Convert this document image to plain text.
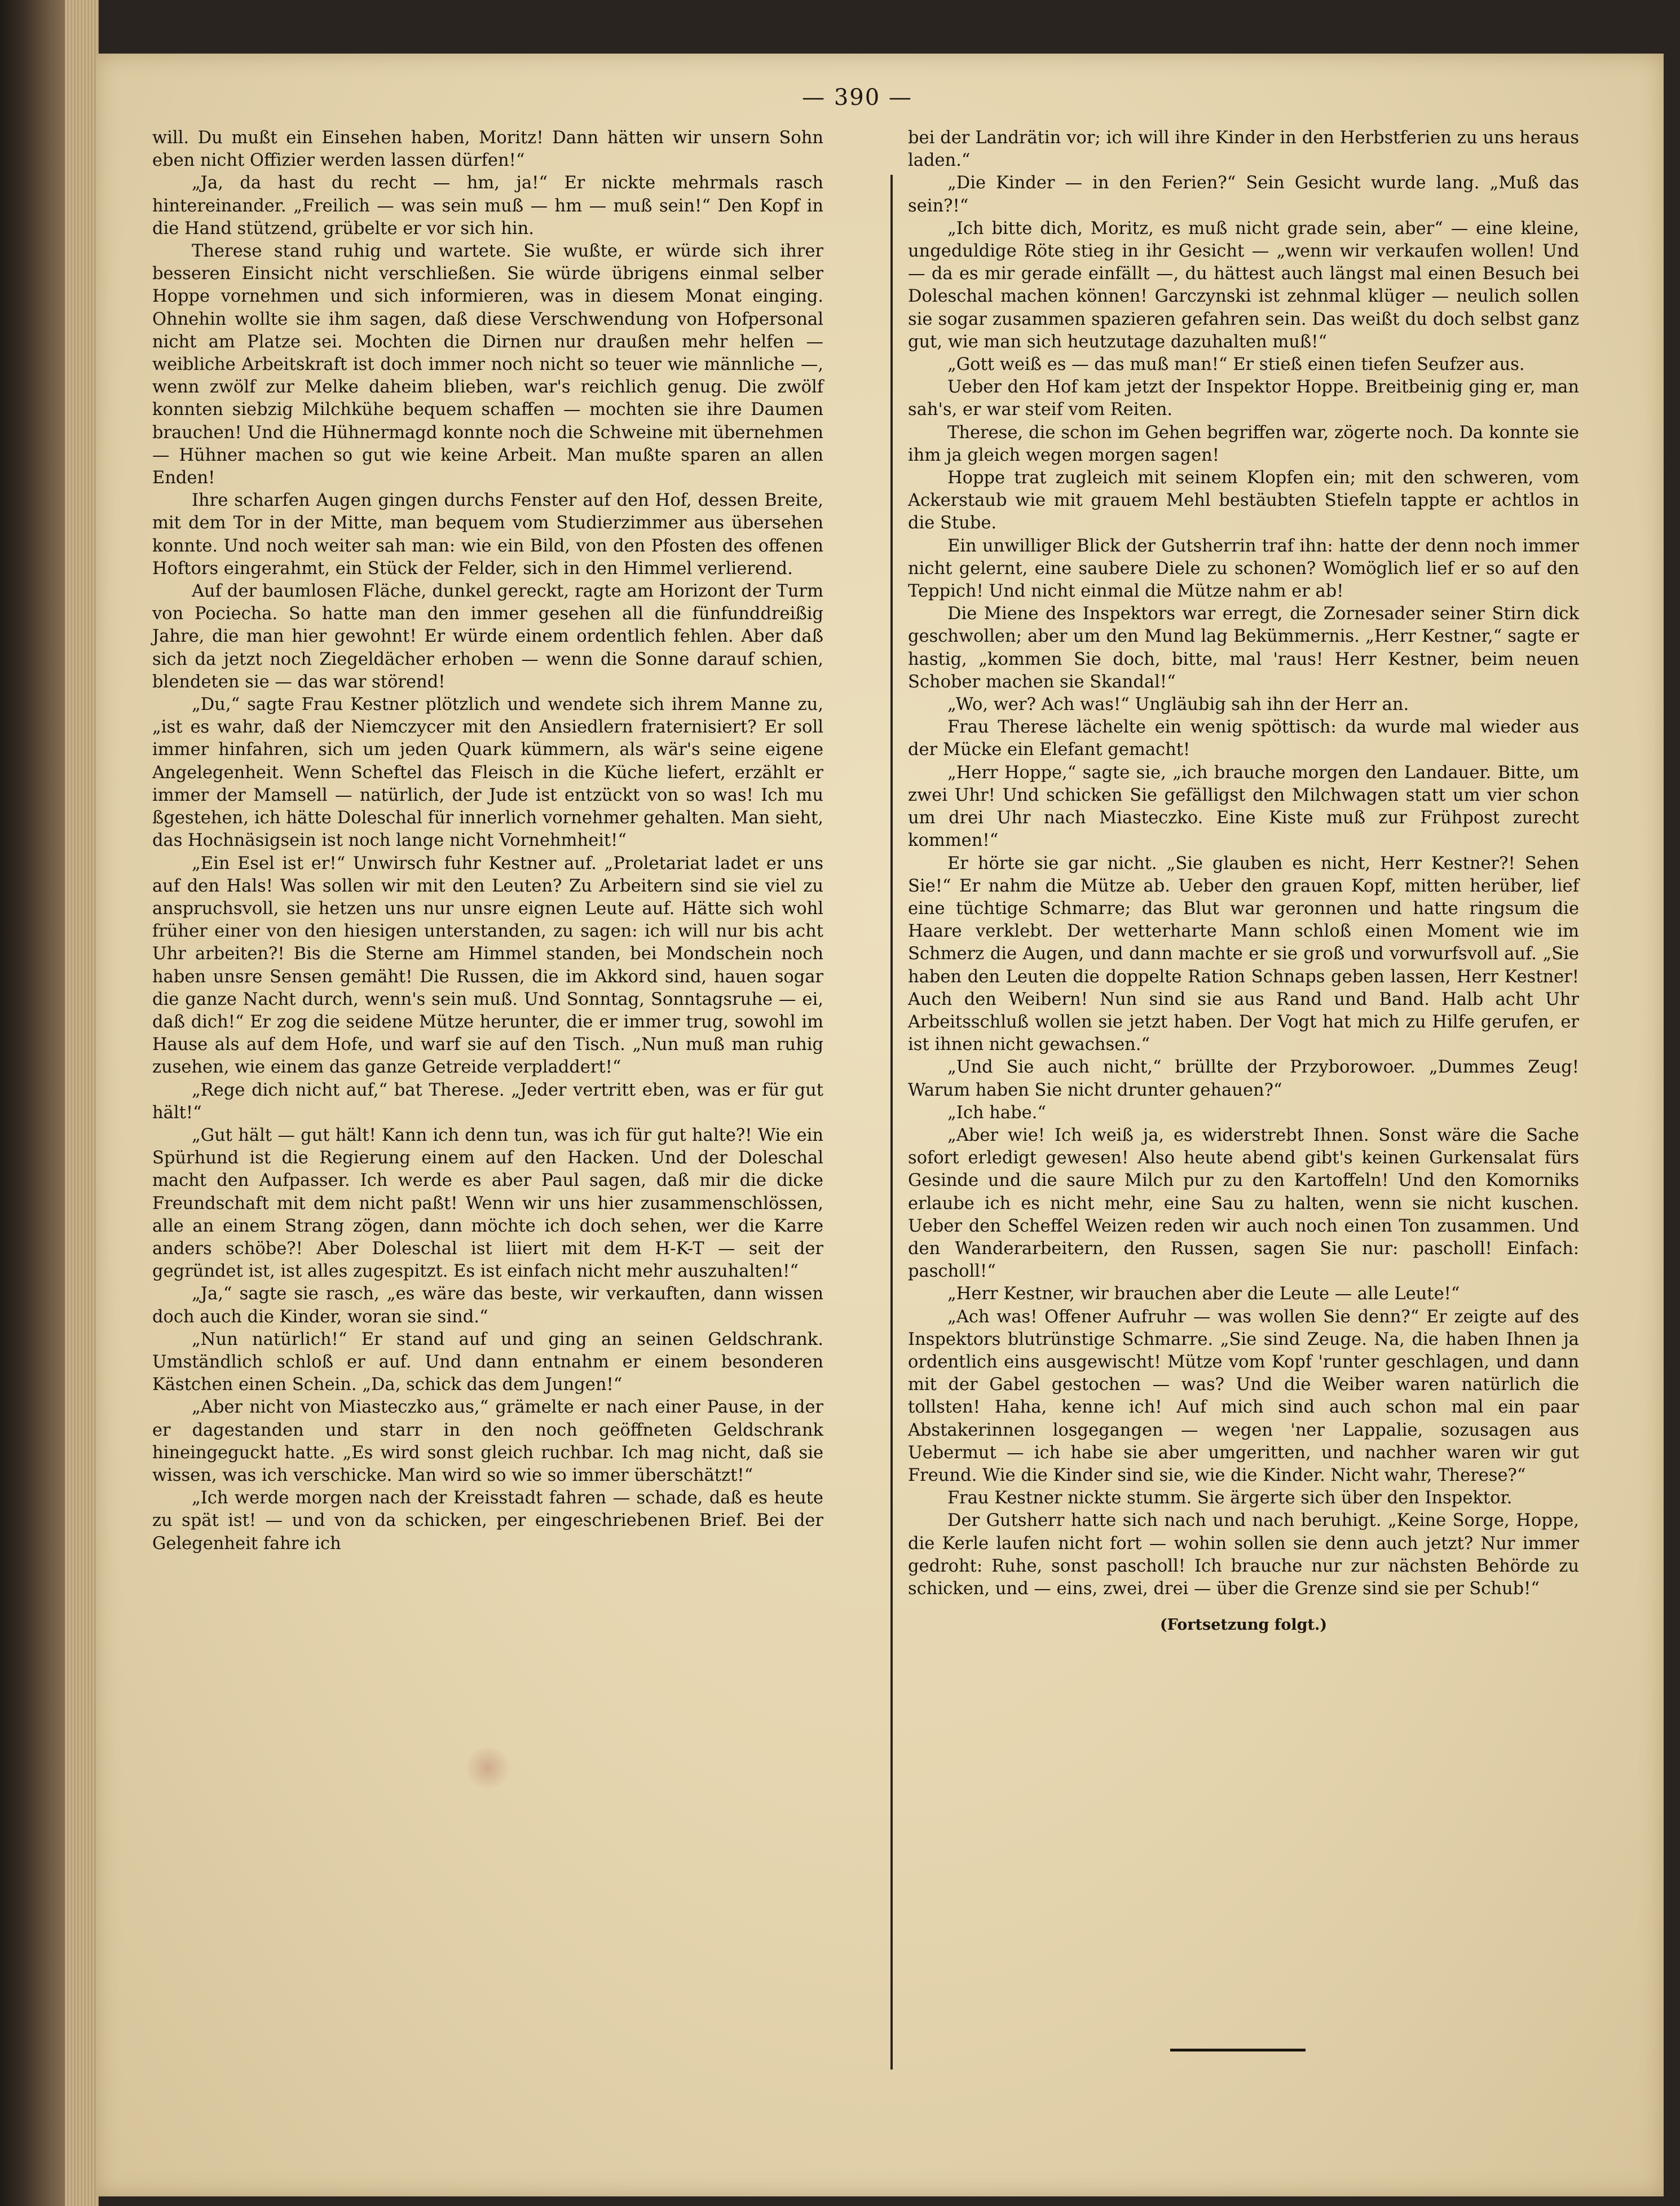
— 390 —

will. Du mußt ein Einsehen haben, Moritz! Dann hätten wir unsern Sohn eben nicht Offizier werden lassen dürfen!“

„Ja, da hast du recht — hm, ja!“ Er nickte mehrmals rasch hintereinander. „Freilich — was sein muß — hm — muß sein!“ Den Kopf in die Hand stützend, grübelte er vor sich hin.

Therese stand ruhig und wartete. Sie wußte, er würde sich ihrer besseren Einsicht nicht verschließen. Sie würde übrigens einmal selber Hoppe vornehmen und sich informieren, was in diesem Monat einging. Ohnehin wollte sie ihm sagen, daß diese Verschwendung von Hofpersonal nicht am Platze sei. Mochten die Dirnen nur draußen mehr helfen — weibliche Arbeitskraft ist doch immer noch nicht so teuer wie männliche —, wenn zwölf zur Melke daheim blieben, war's reichlich genug. Die zwölf konnten siebzig Milchkühe bequem schaffen — mochten sie ihre Daumen brauchen! Und die Hühnermagd konnte noch die Schweine mit übernehmen — Hühner machen so gut wie keine Arbeit. Man mußte sparen an allen Enden!

Ihre scharfen Augen gingen durchs Fenster auf den Hof, dessen Breite, mit dem Tor in der Mitte, man bequem vom Studierzimmer aus übersehen konnte. Und noch weiter sah man: wie ein Bild, von den Pfosten des offenen Hoftors eingerahmt, ein Stück der Felder, sich in den Himmel verlierend.

Auf der baumlosen Fläche, dunkel gereckt, ragte am Horizont der Turm von Pociecha. So hatte man den immer gesehen all die fünfunddreißig Jahre, die man hier gewohnt! Er würde einem ordentlich fehlen. Aber daß sich da jetzt noch Ziegeldächer erhoben — wenn die Sonne darauf schien, blendeten sie — das war störend!

„Du,“ sagte Frau Kestner plötzlich und wendete sich ihrem Manne zu, „ist es wahr, daß der Niemczycer mit den Ansiedlern fraternisiert? Er soll immer hinfahren, sich um jeden Quark kümmern, als wär's seine eigene Angelegenheit. Wenn Scheftel das Fleisch in die Küche liefert, erzählt er immer der Mamsell — natürlich, der Jude ist entzückt von so was! Ich mu ßgestehen, ich hätte Doleschal für innerlich vornehmer gehalten. Man sieht, das Hochnäsigsein ist noch lange nicht Vornehmheit!“

„Ein Esel ist er!“ Unwirsch fuhr Kestner auf. „Proletariat ladet er uns auf den Hals! Was sollen wir mit den Leuten? Zu Arbeitern sind sie viel zu anspruchsvoll, sie hetzen uns nur unsre eignen Leute auf. Hätte sich wohl früher einer von den hiesigen unterstanden, zu sagen: ich will nur bis acht Uhr arbeiten?! Bis die Sterne am Himmel standen, bei Mondschein noch haben unsre Sensen gemäht! Die Russen, die im Akkord sind, hauen sogar die ganze Nacht durch, wenn's sein muß. Und Sonntag, Sonntagsruhe — ei, daß dich!“ Er zog die seidene Mütze herunter, die er immer trug, sowohl im Hause als auf dem Hofe, und warf sie auf den Tisch. „Nun muß man ruhig zusehen, wie einem das ganze Getreide verpladdert!“

„Rege dich nicht auf,“ bat Therese. „Jeder vertritt eben, was er für gut hält!“

„Gut hält — gut hält! Kann ich denn tun, was ich für gut halte?! Wie ein Spürhund ist die Regierung einem auf den Hacken. Und der Doleschal macht den Aufpasser. Ich werde es aber Paul sagen, daß mir die dicke Freundschaft mit dem nicht paßt! Wenn wir uns hier zusammenschlössen, alle an einem Strang zögen, dann möchte ich doch sehen, wer die Karre anders schöbe?! Aber Doleschal ist liiert mit dem H-K-T — seit der gegründet ist, ist alles zugespitzt. Es ist einfach nicht mehr auszuhalten!“

„Ja,“ sagte sie rasch, „es wäre das beste, wir verkauften, dann wissen doch auch die Kinder, woran sie sind.“

„Nun natürlich!“ Er stand auf und ging an seinen Geldschrank. Umständlich schloß er auf. Und dann entnahm er einem besonderen Kästchen einen Schein. „Da, schick das dem Jungen!“

„Aber nicht von Miasteczko aus,“ grämelte er nach einer Pause, in der er dagestanden und starr in den noch geöffneten Geldschrank hineingeguckt hatte. „Es wird sonst gleich ruchbar. Ich mag nicht, daß sie wissen, was ich verschicke. Man wird so wie so immer überschätzt!“

„Ich werde morgen nach der Kreisstadt fahren — schade, daß es heute zu spät ist! — und von da schicken, per eingeschriebenen Brief. Bei der Gelegenheit fahre ich

bei der Landrätin vor; ich will ihre Kinder in den Herbstferien zu uns heraus laden.“

„Die Kinder — in den Ferien?“ Sein Gesicht wurde lang. „Muß das sein?!“

„Ich bitte dich, Moritz, es muß nicht grade sein, aber“ — eine kleine, ungeduldige Röte stieg in ihr Gesicht — „wenn wir verkaufen wollen! Und — da es mir gerade einfällt —, du hättest auch längst mal einen Besuch bei Doleschal machen können! Garczynski ist zehnmal klüger — neulich sollen sie sogar zusammen spazieren gefahren sein. Das weißt du doch selbst ganz gut, wie man sich heutzutage dazuhalten muß!“

„Gott weiß es — das muß man!“ Er stieß einen tiefen Seufzer aus.

Ueber den Hof kam jetzt der Inspektor Hoppe. Breitbeinig ging er, man sah's, er war steif vom Reiten.

Therese, die schon im Gehen begriffen war, zögerte noch. Da konnte sie ihm ja gleich wegen morgen sagen!

Hoppe trat zugleich mit seinem Klopfen ein; mit den schweren, vom Ackerstaub wie mit grauem Mehl bestäubten Stiefeln tappte er achtlos in die Stube.

Ein unwilliger Blick der Gutsherrin traf ihn: hatte der denn noch immer nicht gelernt, eine saubere Diele zu schonen? Womöglich lief er so auf den Teppich! Und nicht einmal die Mütze nahm er ab!

Die Miene des Inspektors war erregt, die Zornesader seiner Stirn dick geschwollen; aber um den Mund lag Bekümmernis. „Herr Kestner,“ sagte er hastig, „kommen Sie doch, bitte, mal 'raus! Herr Kestner, beim neuen Schober machen sie Skandal!“

„Wo, wer? Ach was!“ Ungläubig sah ihn der Herr an.

Frau Therese lächelte ein wenig spöttisch: da wurde mal wieder aus der Mücke ein Elefant gemacht!

„Herr Hoppe,“ sagte sie, „ich brauche morgen den Landauer. Bitte, um zwei Uhr! Und schicken Sie gefälligst den Milchwagen statt um vier schon um drei Uhr nach Miasteczko. Eine Kiste muß zur Frühpost zurecht kommen!“

Er hörte sie gar nicht. „Sie glauben es nicht, Herr Kestner?! Sehen Sie!“ Er nahm die Mütze ab. Ueber den grauen Kopf, mitten herüber, lief eine tüchtige Schmarre; das Blut war geronnen und hatte ringsum die Haare verklebt. Der wetterharte Mann schloß einen Moment wie im Schmerz die Augen, und dann machte er sie groß und vorwurfsvoll auf. „Sie haben den Leuten die doppelte Ration Schnaps geben lassen, Herr Kestner! Auch den Weibern! Nun sind sie aus Rand und Band. Halb acht Uhr Arbeitsschluß wollen sie jetzt haben. Der Vogt hat mich zu Hilfe gerufen, er ist ihnen nicht gewachsen.“

„Und Sie auch nicht,“ brüllte der Przyborowoer. „Dummes Zeug! Warum haben Sie nicht drunter gehauen?“

„Ich habe.“

„Aber wie! Ich weiß ja, es widerstrebt Ihnen. Sonst wäre die Sache sofort erledigt gewesen! Also heute abend gibt's keinen Gurkensalat fürs Gesinde und die saure Milch pur zu den Kartoffeln! Und den Komorniks erlaube ich es nicht mehr, eine Sau zu halten, wenn sie nicht kuschen. Ueber den Scheffel Weizen reden wir auch noch einen Ton zusammen. Und den Wanderarbeitern, den Russen, sagen Sie nur: pascholl! Einfach: pascholl!“

„Herr Kestner, wir brauchen aber die Leute — alle Leute!“

„Ach was! Offener Aufruhr — was wollen Sie denn?“ Er zeigte auf des Inspektors blutrünstige Schmarre. „Sie sind Zeuge. Na, die haben Ihnen ja ordentlich eins ausgewischt! Mütze vom Kopf 'runter geschlagen, und dann mit der Gabel gestochen — was? Und die Weiber waren natürlich die tollsten! Haha, kenne ich! Auf mich sind auch schon mal ein paar Abstakerinnen losgegangen — wegen 'ner Lappalie, sozusagen aus Uebermut — ich habe sie aber umgeritten, und nachher waren wir gut Freund. Wie die Kinder sind sie, wie die Kinder. Nicht wahr, Therese?“

Frau Kestner nickte stumm. Sie ärgerte sich über den Inspektor.

Der Gutsherr hatte sich nach und nach beruhigt. „Keine Sorge, Hoppe, die Kerle laufen nicht fort — wohin sollen sie denn auch jetzt? Nur immer gedroht: Ruhe, sonst pascholl! Ich brauche nur zur nächsten Behörde zu schicken, und — eins, zwei, drei — über die Grenze sind sie per Schub!“

(Fortsetzung folgt.)
